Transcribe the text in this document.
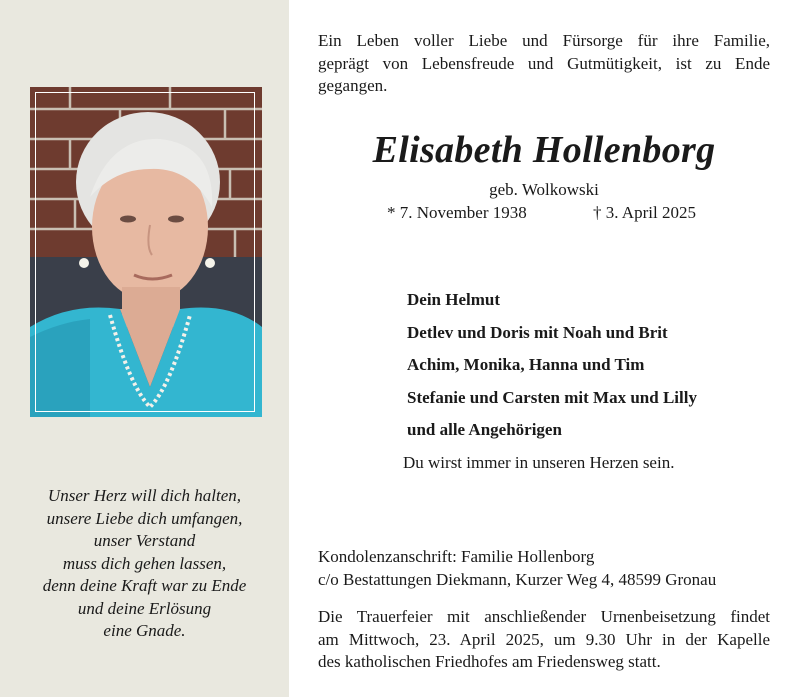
Unser Herz will dich halten,
unsere Liebe dich umfangen,
unser Verstand
muss dich gehen lassen,
denn deine Kraft war zu Ende
und deine Erlösung
eine Gnade.
Ein Leben voller Liebe und Fürsorge für ihre Familie,
geprägt von Lebensfreude und Gutmütigkeit, ist zu Ende
gegangen.
Elisabeth Hollenborg
geb. Wolkowski
* 7. November 1938	† 3. April 2025
Dein Helmut
Detlev und Doris mit Noah und Brit
Achim, Monika, Hanna und Tim
Stefanie und Carsten mit Max und Lilly
und alle Angehörigen
Du wirst immer in unseren Herzen sein.
Kondolenzanschrift: Familie Hollenborg
c/o Bestattungen Diekmann, Kurzer Weg 4, 48599 Gronau
Die Trauerfeier mit anschließender Urnenbeisetzung findet
am Mittwoch, 23. April 2025, um 9.30 Uhr in der Kapelle
des katholischen Friedhofes am Friedensweg statt.
